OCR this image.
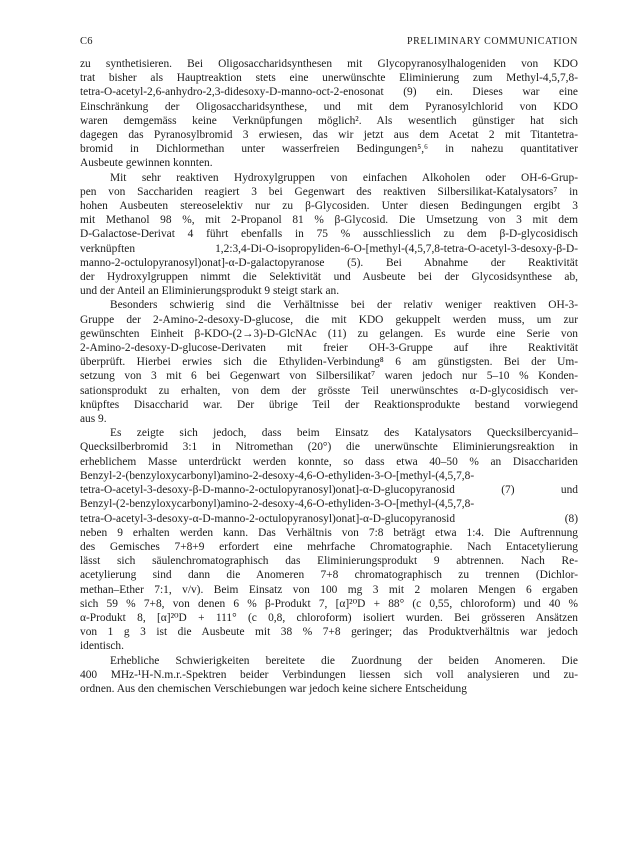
C6	PRELIMINARY COMMUNICATION
zu synthetisieren. Bei Oligosaccharidsynthesen mit Glycopyranosylhalogeniden von KDO
trat bisher als Hauptreaktion stets eine unerwünschte Eliminierung zum Methyl-4,5,7,8-
tetra-O-acetyl-2,6-anhydro-2,3-didesoxy-D-manno-oct-2-enosonat (9) ein. Dieses war eine
Einschränkung der Oligosaccharidsynthese, und mit dem Pyranosylchlorid von KDO
waren demgemäss keine Verknüpfungen möglich². Als wesentlich günstiger hat sich
dagegen das Pyranosylbromid 3 erwiesen, das wir jetzt aus dem Acetat 2 mit Titantetra-
bromid in Dichlormethan unter wasserfreien Bedingungen⁵,⁶ in nahezu quantitativer
Ausbeute gewinnen konnten.
Mit sehr reaktiven Hydroxylgruppen von einfachen Alkoholen oder OH-6-Grup-
pen von Sacchariden reagiert 3 bei Gegenwart des reaktiven Silbersilikat-Katalysators⁷ in
hohen Ausbeuten stereoselektiv nur zu β-Glycosiden. Unter diesen Bedingungen ergibt 3
mit Methanol 98 %, mit 2-Propanol 81 % β-Glycosid. Die Umsetzung von 3 mit dem
D-Galactose-Derivat 4 führt ebenfalls in 75 % ausschliesslich zu dem β-D-glycosidisch
verknüpften 1,2:3,4-Di-O-isopropyliden-6-O-[methyl-(4,5,7,8-tetra-O-acetyl-3-desoxy-β-D-
manno-2-octulopyranosyl)onat]-α-D-galactopyranose (5). Bei Abnahme der Reaktivität
der Hydroxylgruppen nimmt die Selektivität und Ausbeute bei der Glycosidsynthese ab,
und der Anteil an Eliminierungsprodukt 9 steigt stark an.
Besonders schwierig sind die Verhältnisse bei der relativ weniger reaktiven OH-3-
Gruppe der 2-Amino-2-desoxy-D-glucose, die mit KDO gekuppelt werden muss, um zur
gewünschten Einheit β-KDO-(2→3)-D-GlcNAc (11) zu gelangen. Es wurde eine Serie von
2-Amino-2-desoxy-D-glucose-Derivaten mit freier OH-3-Gruppe auf ihre Reaktivität
überprüft. Hierbei erwies sich die Ethyliden-Verbindung⁸ 6 am günstigsten. Bei der Um-
setzung von 3 mit 6 bei Gegenwart von Silbersilikat⁷ waren jedoch nur 5–10 % Konden-
sationsprodukt zu erhalten, von dem der grösste Teil unerwünschtes α-D-glycosidisch ver-
knüpftes Disaccharid war. Der übrige Teil der Reaktionsprodukte bestand vorwiegend
aus 9.
Es zeigte sich jedoch, dass beim Einsatz des Katalysators Quecksilbercyanid–
Quecksilberbromid 3:1 in Nitromethan (20°) die unerwünschte Eliminierungsreaktion in
erheblichem Masse unterdrückt werden konnte, so dass etwa 40–50 % an Disacchariden
Benzyl-2-(benzyloxycarbonyl)amino-2-desoxy-4,6-O-ethyliden-3-O-[methyl-(4,5,7,8-
tetra-O-acetyl-3-desoxy-β-D-manno-2-octulopyranosyl)onat]-α-D-glucopyranosid (7) und
Benzyl-(2-benzyloxycarbonyl)amino-2-desoxy-4,6-O-ethyliden-3-O-[methyl-(4,5,7,8-
tetra-O-acetyl-3-desoxy-α-D-manno-2-octulopyranosyl)onat]-α-D-glucopyranosid (8)
neben 9 erhalten werden kann. Das Verhältnis von 7:8 beträgt etwa 1:4. Die Auftrennung
des Gemisches 7+8+9 erfordert eine mehrfache Chromatographie. Nach Entacetylierung
lässt sich säulenchromatographisch das Eliminierungsprodukt 9 abtrennen. Nach Re-
acetylierung sind dann die Anomeren 7+8 chromatographisch zu trennen (Dichlor-
methan–Ether 7:1, v/v). Beim Einsatz von 100 mg 3 mit 2 molaren Mengen 6 ergaben
sich 59 % 7+8, von denen 6 % β-Produkt 7, [α]²⁰D + 88° (c 0,55, chloroform) und 40 %
α-Produkt 8, [α]²⁰D + 111° (c 0,8, chloroform) isoliert wurden. Bei grösseren Ansätzen
von 1 g 3 ist die Ausbeute mit 38 % 7+8 geringer; das Produktverhältnis war jedoch
identisch.
Erhebliche Schwierigkeiten bereitete die Zuordnung der beiden Anomeren. Die
400 MHz-¹H-N.m.r.-Spektren beider Verbindungen liessen sich voll analysieren und zu-
ordnen. Aus den chemischen Verschiebungen war jedoch keine sichere Entscheidung
